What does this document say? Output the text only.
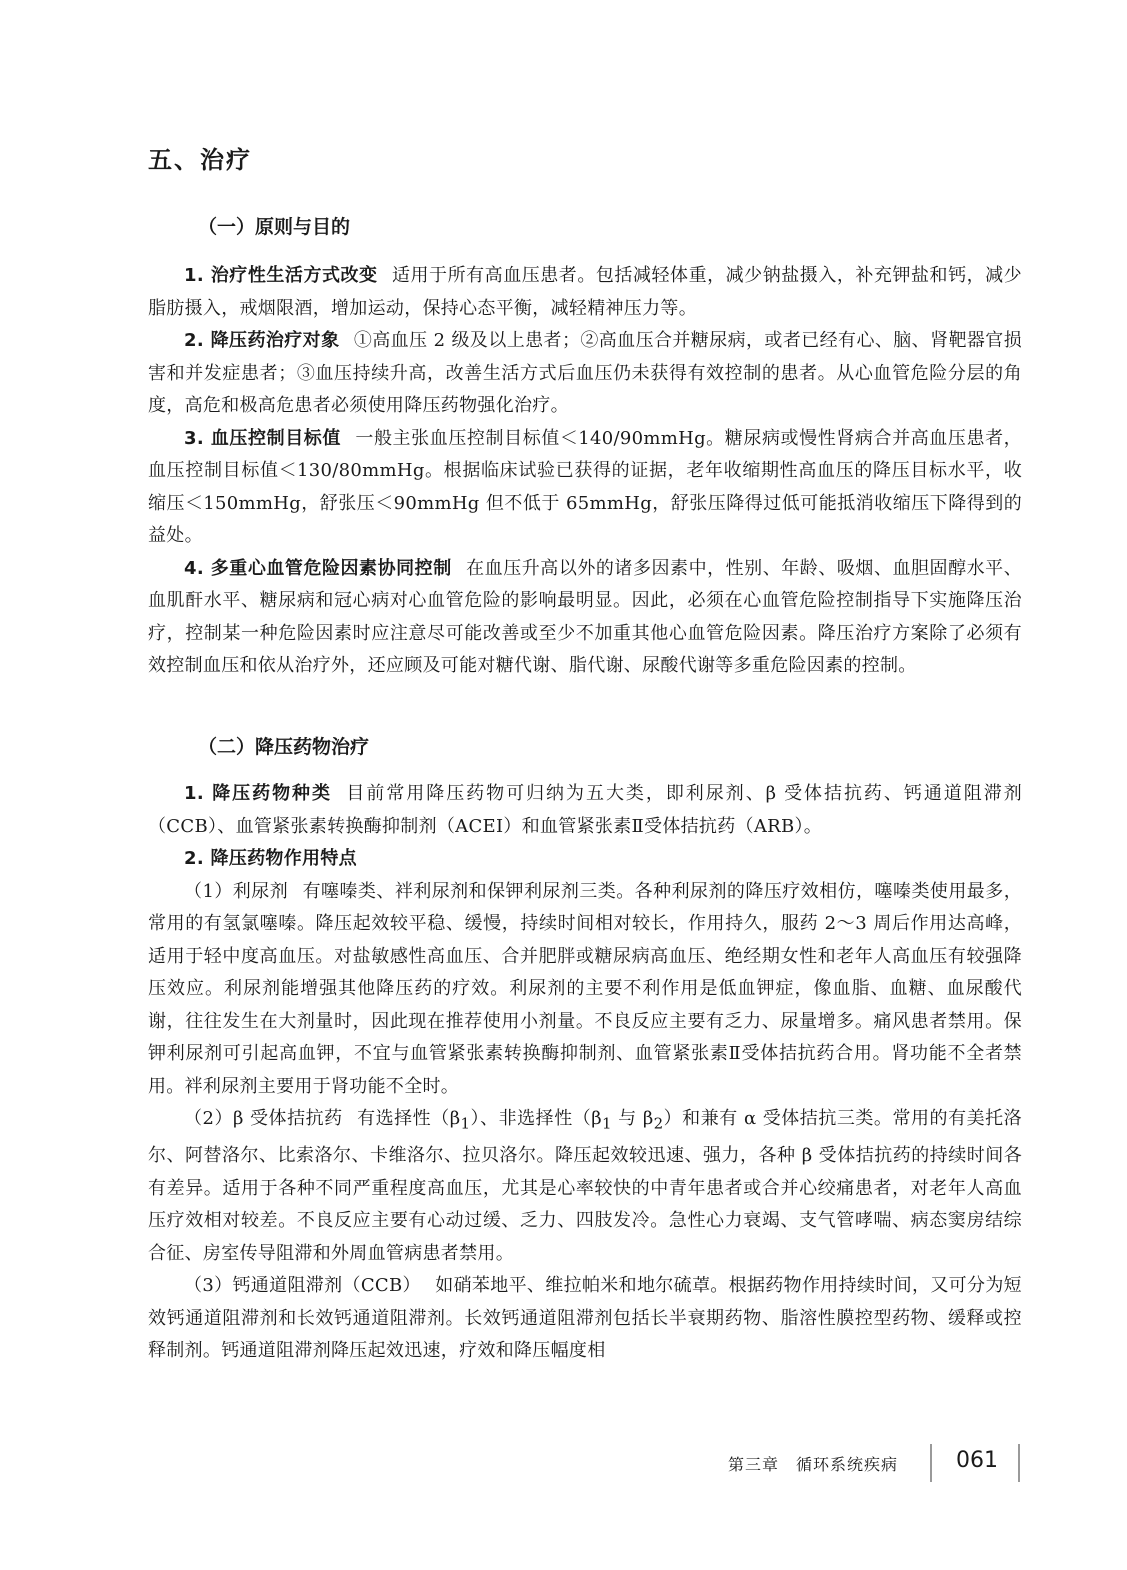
五、治疗
（一）原则与目的

1. 治疗性生活方式改变 适用于所有高血压患者。包括减轻体重，减少钠盐摄入，补充钾盐和钙，减少脂肪摄入，戒烟限酒，增加运动，保持心态平衡，减轻精神压力等。

2. 降压药治疗对象 ①高血压 2 级及以上患者；②高血压合并糖尿病，或者已经有心、脑、肾靶器官损害和并发症患者；③血压持续升高，改善生活方式后血压仍未获得有效控制的患者。从心血管危险分层的角度，高危和极高危患者必须使用降压药物强化治疗。

3. 血压控制目标值 一般主张血压控制目标值＜140/90mmHg。糖尿病或慢性肾病合并高血压患者，血压控制目标值＜130/80mmHg。根据临床试验已获得的证据，老年收缩期性高血压的降压目标水平，收缩压＜150mmHg，舒张压＜90mmHg 但不低于 65mmHg，舒张压降得过低可能抵消收缩压下降得到的益处。

4. 多重心血管危险因素协同控制 在血压升高以外的诸多因素中，性别、年龄、吸烟、血胆固醇水平、血肌酐水平、糖尿病和冠心病对心血管危险的影响最明显。因此，必须在心血管危险控制指导下实施降压治疗，控制某一种危险因素时应注意尽可能改善或至少不加重其他心血管危险因素。降压治疗方案除了必须有效控制血压和依从治疗外，还应顾及可能对糖代谢、脂代谢、尿酸代谢等多重危险因素的控制。

（二）降压药物治疗

1. 降压药物种类 目前常用降压药物可归纳为五大类，即利尿剂、β 受体拮抗药、钙通道阻滞剂（CCB）、血管紧张素转换酶抑制剂（ACEI）和血管紧张素Ⅱ受体拮抗药（ARB）。

2. 降压药物作用特点

（1）利尿剂 有噻嗪类、袢利尿剂和保钾利尿剂三类。各种利尿剂的降压疗效相仿，噻嗪类使用最多，常用的有氢氯噻嗪。降压起效较平稳、缓慢，持续时间相对较长，作用持久，服药 2～3 周后作用达高峰，适用于轻中度高血压。对盐敏感性高血压、合并肥胖或糖尿病高血压、绝经期女性和老年人高血压有较强降压效应。利尿剂能增强其他降压药的疗效。利尿剂的主要不利作用是低血钾症，像血脂、血糖、血尿酸代谢，往往发生在大剂量时，因此现在推荐使用小剂量。不良反应主要有乏力、尿量增多。痛风患者禁用。保钾利尿剂可引起高血钾，不宜与血管紧张素转换酶抑制剂、血管紧张素Ⅱ受体拮抗药合用。肾功能不全者禁用。袢利尿剂主要用于肾功能不全时。

（2）β 受体拮抗药 有选择性$(\beta_1)$、非选择性（$\beta_1$ 与 $\beta_2$）和兼有 α 受体拮抗三类。常用的有美托洛尔、阿替洛尔、比索洛尔、卡维洛尔、拉贝洛尔。降压起效较迅速、强力，各种 β 受体拮抗药的持续时间各有差异。适用于各种不同严重程度高血压，尤其是心率较快的中青年患者或合并心绞痛患者，对老年人高血压疗效相对较差。不良反应主要有心动过缓、乏力、四肢发冷。急性心力衰竭、支气管哮喘、病态窦房结综合征、房室传导阻滞和外周血管病患者禁用。

（3）钙通道阻滞剂（CCB） 如硝苯地平、维拉帕米和地尔硫䓬。根据药物作用持续时间，又可分为短效钙通道阻滞剂和长效钙通道阻滞剂。长效钙通道阻滞剂包括长半衰期药物、脂溶性膜控型药物、缓释或控释制剂。钙通道阻滞剂降压起效迅速，疗效和降压幅度相

第三章　循环系统疾病	061
